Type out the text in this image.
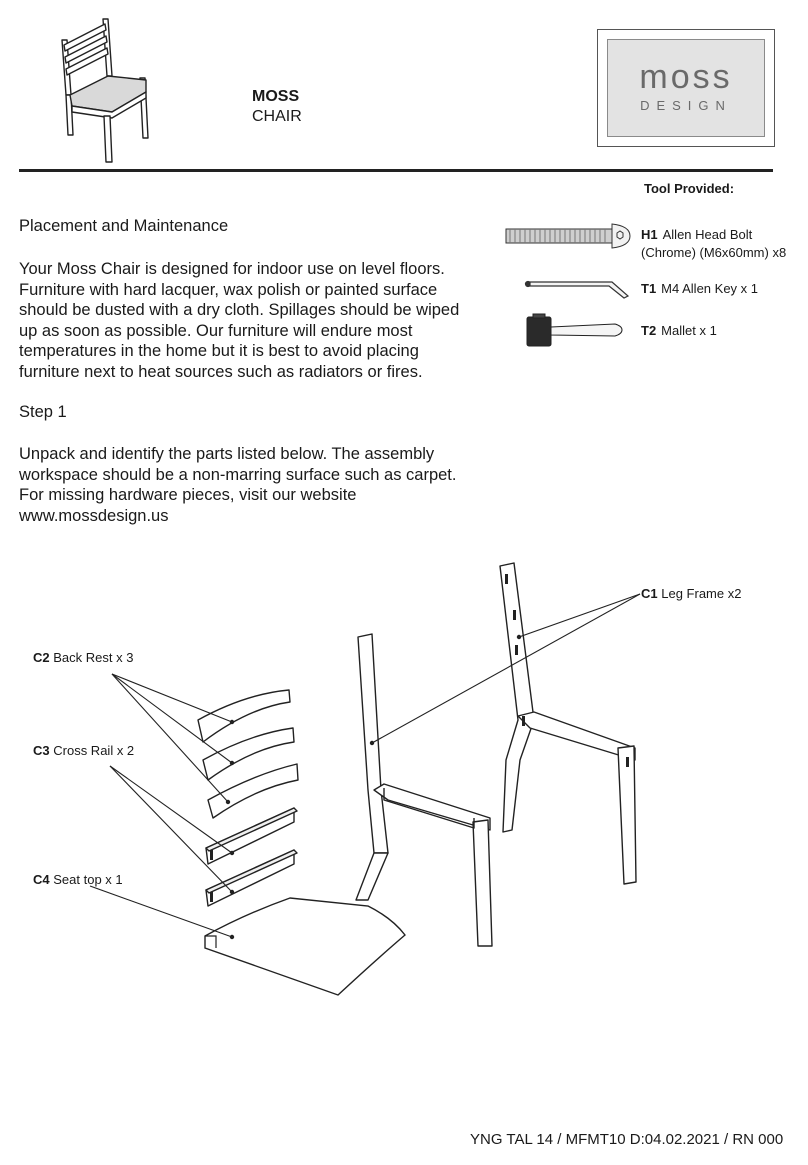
MOSS
CHAIR
moss
DESIGN
Tool Provided:
Placement and Maintenance
Your Moss Chair is designed for indoor use on level floors.
Furniture with hard lacquer, wax polish or painted surface
should be dusted with a dry cloth. Spillages should be wiped
up as soon as possible. Our furniture will endure most
temperatures in the home but it is best to avoid placing
furniture next to heat sources such as radiators or fires.
Step 1
Unpack and identify the parts listed below. The assembly
workspace should be a non-marring surface such as carpet.
For missing hardware pieces, visit our website
www.mossdesign.us
H1 Allen Head Bolt
(Chrome) (M6x60mm) x8
T1 M4 Allen Key x 1
T2 Mallet x 1
C1 Leg Frame x2
C2 Back Rest x 3
C3 Cross Rail x 2
C4 Seat top x 1
YNG TAL 14 / MFMT10 D:04.02.2021 / RN 000
